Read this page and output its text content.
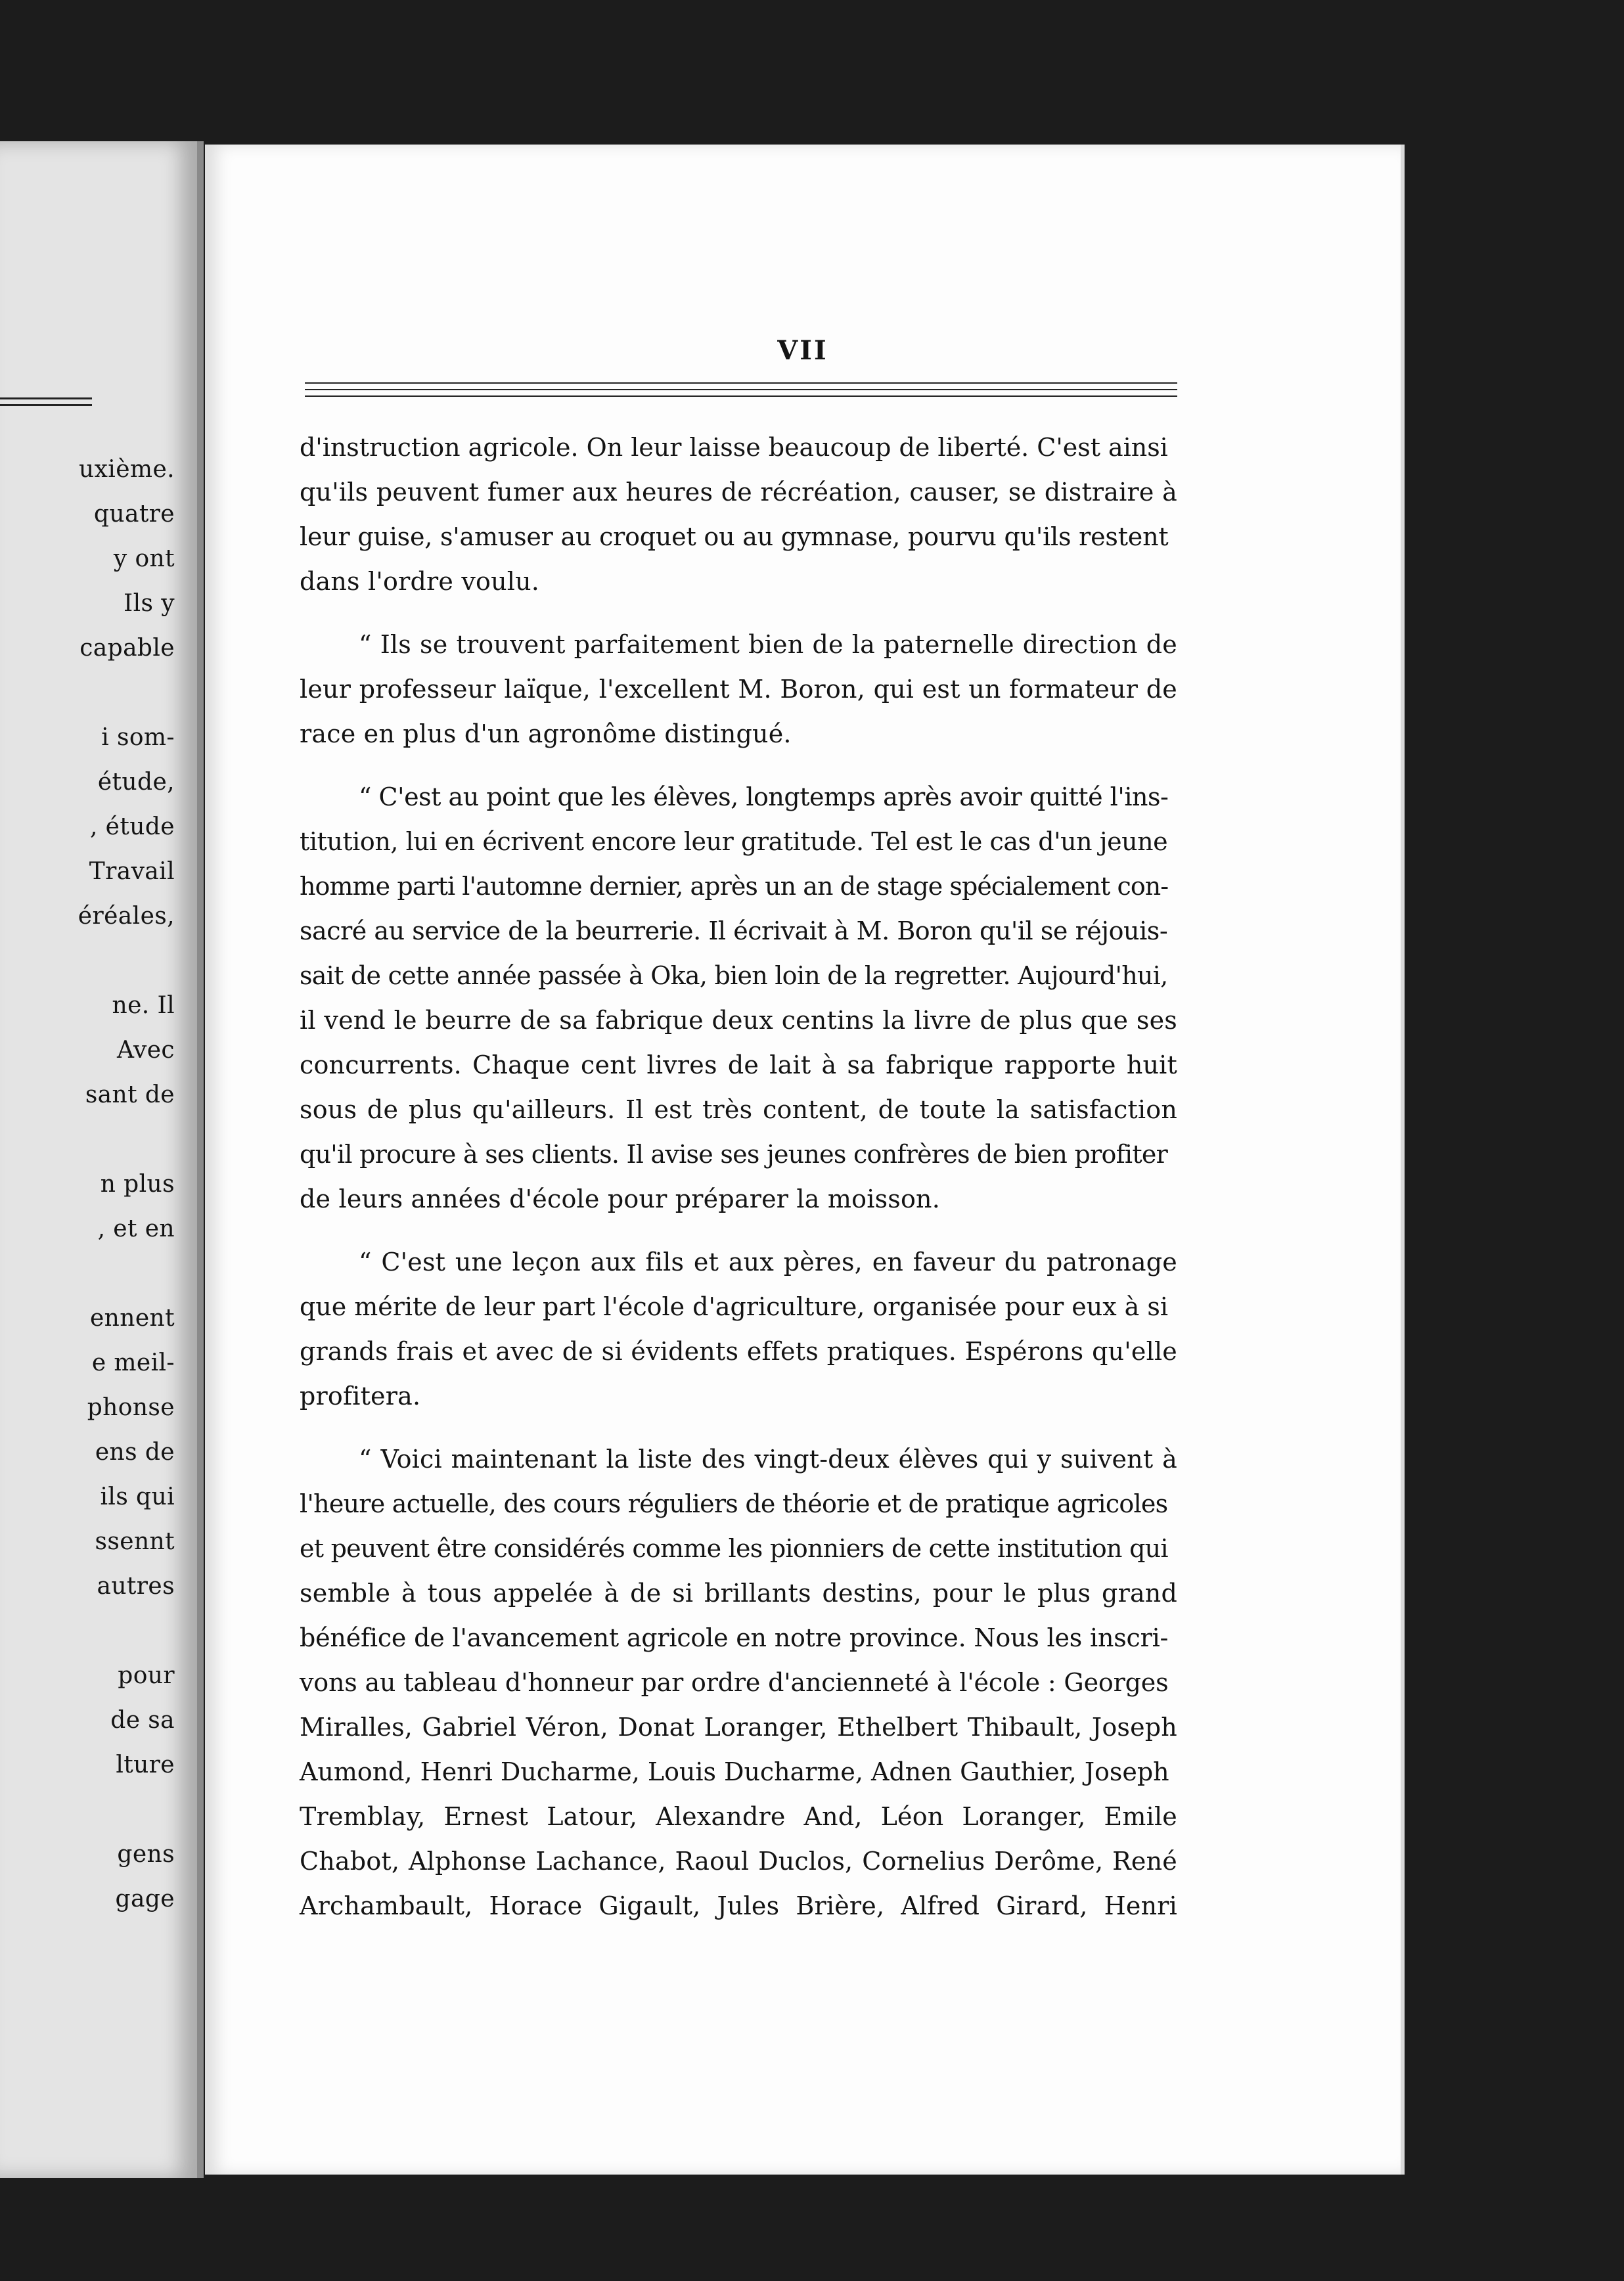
uxième.

quatre

y ont

Ils y

capable

i som-

étude,

, étude

Travail

éréales,

ne. Il

Avec

sant de

n plus

, et en

ennent

e meil-

phonse

ens de

ils qui

ssennt

autres

pour

de sa

lture

gens

gage

VII

d'instruction agricole. On leur laisse beaucoup de liberté. C'est ainsi

qu'ils peuvent fumer aux heures de récréation, causer, se distraire à

leur guise, s'amuser au croquet ou au gymnase, pourvu qu'ils restent

dans l'ordre voulu.

“ Ils se trouvent parfaitement bien de la paternelle direction de

leur professeur laïque, l'excellent M. Boron, qui est un formateur de

race en plus d'un agronôme distingué.

“ C'est au point que les élèves, longtemps après avoir quitté l'ins-

titution, lui en écrivent encore leur gratitude. Tel est le cas d'un jeune

homme parti l'automne dernier, après un an de stage spécialement con-

sacré au service de la beurrerie. Il écrivait à M. Boron qu'il se réjouis-

sait de cette année passée à Oka, bien loin de la regretter. Aujourd'hui,

il vend le beurre de sa fabrique deux centins la livre de plus que ses

concurrents. Chaque cent livres de lait à sa fabrique rapporte huit

sous de plus qu'ailleurs. Il est très content, de toute la satisfaction

qu'il procure à ses clients. Il avise ses jeunes confrères de bien profiter

de leurs années d'école pour préparer la moisson.

“ C'est une leçon aux fils et aux pères, en faveur du patronage

que mérite de leur part l'école d'agriculture, organisée pour eux à si

grands frais et avec de si évidents effets pratiques. Espérons qu'elle

profitera.

“ Voici maintenant la liste des vingt-deux élèves qui y suivent à

l'heure actuelle, des cours réguliers de théorie et de pratique agricoles

et peuvent être considérés comme les pionniers de cette institution qui

semble à tous appelée à de si brillants destins, pour le plus grand

bénéfice de l'avancement agricole en notre province. Nous les inscri-

vons au tableau d'honneur par ordre d'ancienneté à l'école : Georges

Miralles, Gabriel Véron, Donat Loranger, Ethelbert Thibault, Joseph

Aumond, Henri Ducharme, Louis Ducharme, Adnen Gauthier, Joseph

Tremblay, Ernest Latour, Alexandre And, Léon Loranger, Emile

Chabot, Alphonse Lachance, Raoul Duclos, Cornelius Derôme, René

Archambault, Horace Gigault, Jules Brière, Alfred Girard, Henri
